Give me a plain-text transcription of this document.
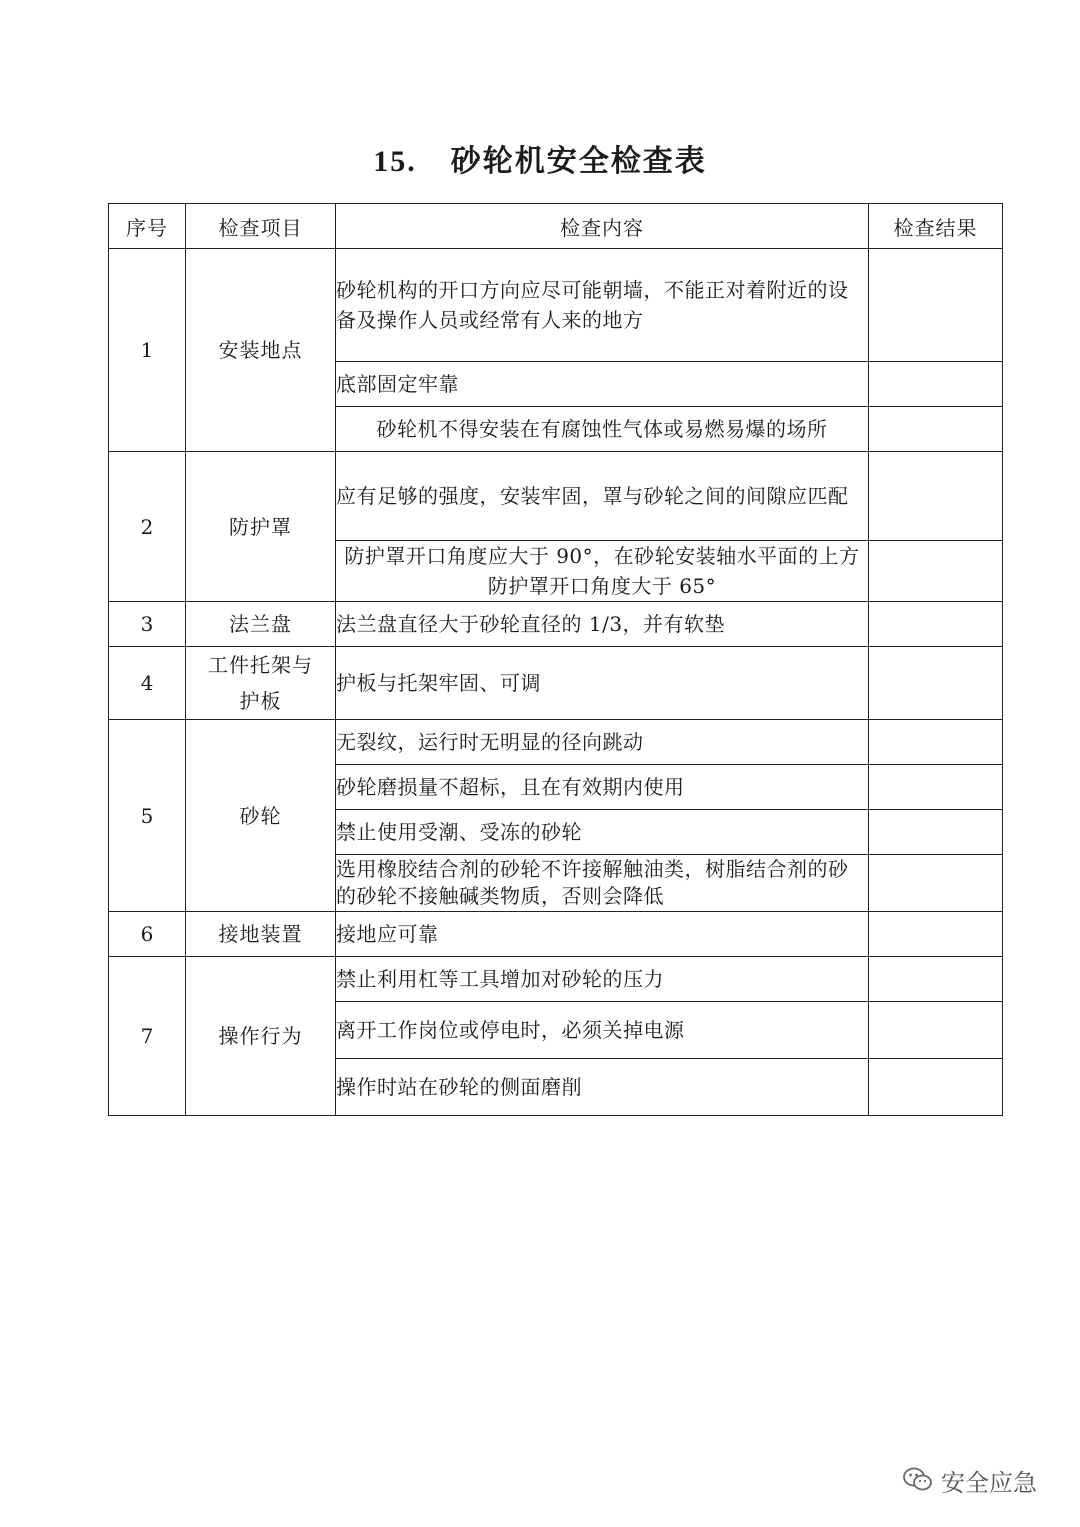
15. 砂轮机安全检查表
序号	检查项目	检查内容	检查结果
1	安装地点	砂轮机构的开口方向应尽可能朝墙，不能正对着附近的设备及操作人员或经常有人来的地方	
		底部固定牢靠	
		砂轮机不得安装在有腐蚀性气体或易燃易爆的场所	
2	防护罩	应有足够的强度，安装牢固，罩与砂轮之间的间隙应匹配	
		防护罩开口角度应大于 90°，在砂轮安装轴水平面的上方防护罩开口角度大于 65°	
3	法兰盘	法兰盘直径大于砂轮直径的 1/3，并有软垫	
4	工件托架与护板	护板与托架牢固、可调	
5	砂轮	无裂纹，运行时无明显的径向跳动	
		砂轮磨损量不超标，且在有效期内使用	
		禁止使用受潮、受冻的砂轮	
		选用橡胶结合剂的砂轮不许接解触油类，树脂结合剂的砂的砂轮不接触碱类物质，否则会降低	
6	接地装置	接地应可靠	
7	操作行为	禁止利用杠等工具增加对砂轮的压力	
		离开工作岗位或停电时，必须关掉电源	
		操作时站在砂轮的侧面磨削	
安全应急
